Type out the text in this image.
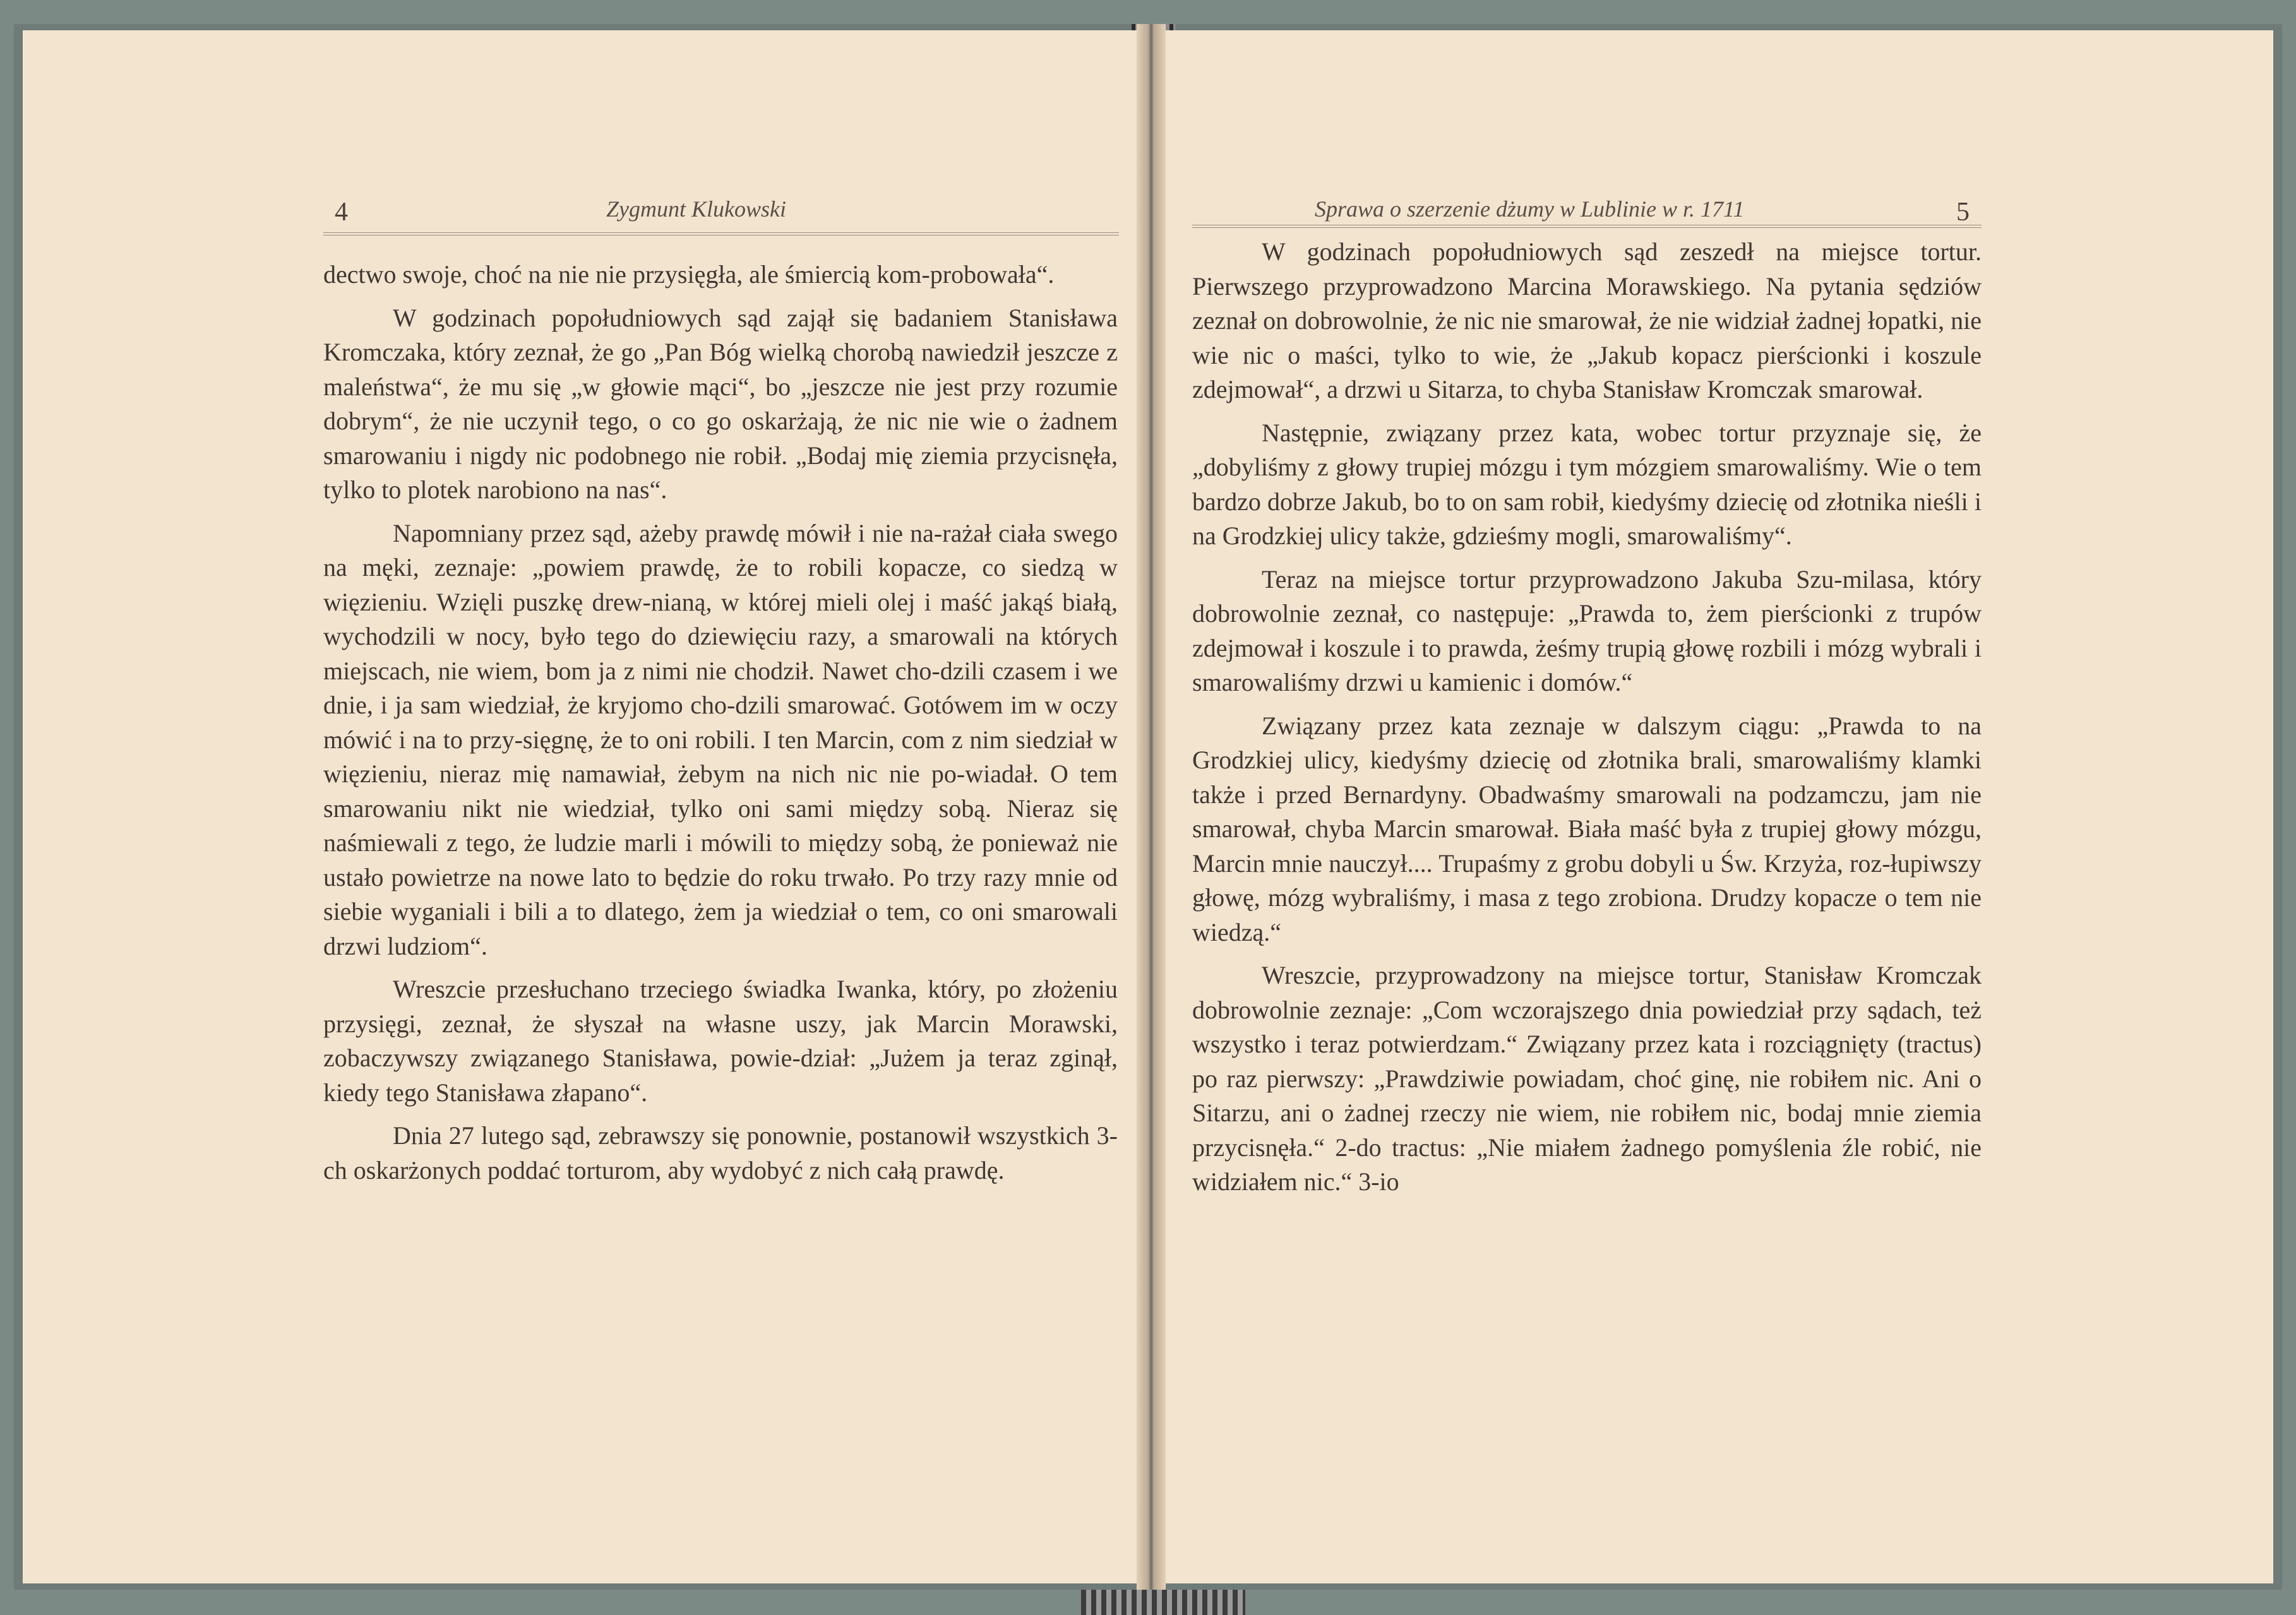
4	Zygmunt Klukowski

dectwo swoje, choć na nie nie przysięgła, ale śmiercią kom-probowała“.

W godzinach popołudniowych sąd zajął się badaniem Stanisława Kromczaka, który zeznał, że go „Pan Bóg wielką chorobą nawiedził jeszcze z maleństwa“, że mu się „w głowie mąci“, bo „jeszcze nie jest przy rozumie dobrym“, że nie uczynił tego, o co go oskarżają, że nic nie wie o żadnem smarowaniu i nigdy nic podobnego nie robił. „Bodaj mię ziemia przycisnęła, tylko to plotek narobiono na nas“.

Napomniany przez sąd, ażeby prawdę mówił i nie na-rażał ciała swego na męki, zeznaje: „powiem prawdę, że to robili kopacze, co siedzą w więzieniu. Wzięli puszkę drew-nianą, w której mieli olej i maść jakąś białą, wychodzili w nocy, było tego do dziewięciu razy, a smarowali na których miejscach, nie wiem, bom ja z nimi nie chodził. Nawet cho-dzili czasem i we dnie, i ja sam wiedział, że kryjomo cho-dzili smarować. Gotówem im w oczy mówić i na to przy-sięgnę, że to oni robili. I ten Marcin, com z nim siedział w więzieniu, nieraz mię namawiał, żebym na nich nic nie po-wiadał. O tem smarowaniu nikt nie wiedział, tylko oni sami między sobą. Nieraz się naśmiewali z tego, że ludzie marli i mówili to między sobą, że ponieważ nie ustało powietrze na nowe lato to będzie do roku trwało. Po trzy razy mnie od siebie wyganiali i bili a to dlatego, żem ja wiedział o tem, co oni smarowali drzwi ludziom“.

Wreszcie przesłuchano trzeciego świadka Iwanka, który, po złożeniu przysięgi, zeznał, że słyszał na własne uszy, jak Marcin Morawski, zobaczywszy związanego Stanisława, powie-dział: „Jużem ja teraz zginął, kiedy tego Stanisława złapano“.

Dnia 27 lutego sąd, zebrawszy się ponownie, postanowił wszystkich 3-ch oskarżonych poddać torturom, aby wydobyć z nich całą prawdę.

Sprawa o szerzenie dżumy w Lublinie w r. 1711	5

W godzinach popołudniowych sąd zeszedł na miejsce tortur. Pierwszego przyprowadzono Marcina Morawskiego. Na pytania sędziów zeznał on dobrowolnie, że nic nie smarował, że nie widział żadnej łopatki, nie wie nic o maści, tylko to wie, że „Jakub kopacz pierścionki i koszule zdejmował“, a drzwi u Sitarza, to chyba Stanisław Kromczak smarował.

Następnie, związany przez kata, wobec tortur przyznaje się, że „dobyliśmy z głowy trupiej mózgu i tym mózgiem smarowaliśmy. Wie o tem bardzo dobrze Jakub, bo to on sam robił, kiedyśmy dziecię od złotnika nieśli i na Grodzkiej ulicy także, gdzieśmy mogli, smarowaliśmy“.

Teraz na miejsce tortur przyprowadzono Jakuba Szu-milasa, który dobrowolnie zeznał, co następuje: „Prawda to, żem pierścionki z trupów zdejmował i koszule i to prawda, żeśmy trupią głowę rozbili i mózg wybrali i smarowaliśmy drzwi u kamienic i domów.“

Związany przez kata zeznaje w dalszym ciągu: „Prawda to na Grodzkiej ulicy, kiedyśmy dziecię od złotnika brali, smarowaliśmy klamki także i przed Bernardyny. Obadwaśmy smarowali na podzamczu, jam nie smarował, chyba Marcin smarował. Biała maść była z trupiej głowy mózgu, Marcin mnie nauczył.... Trupaśmy z grobu dobyli u Św. Krzyża, roz-łupiwszy głowę, mózg wybraliśmy, i masa z tego zrobiona. Drudzy kopacze o tem nie wiedzą.“

Wreszcie, przyprowadzony na miejsce tortur, Stanisław Kromczak dobrowolnie zeznaje: „Com wczorajszego dnia powiedział przy sądach, też wszystko i teraz potwierdzam.“ Związany przez kata i rozciągnięty (tractus) po raz pierwszy: „Prawdziwie powiadam, choć ginę, nie robiłem nic. Ani o Sitarzu, ani o żadnej rzeczy nie wiem, nie robiłem nic, bodaj mnie ziemia przycisnęła.“ 2-do tractus: „Nie miałem żadnego pomyślenia źle robić, nie widziałem nic.“ 3-io
